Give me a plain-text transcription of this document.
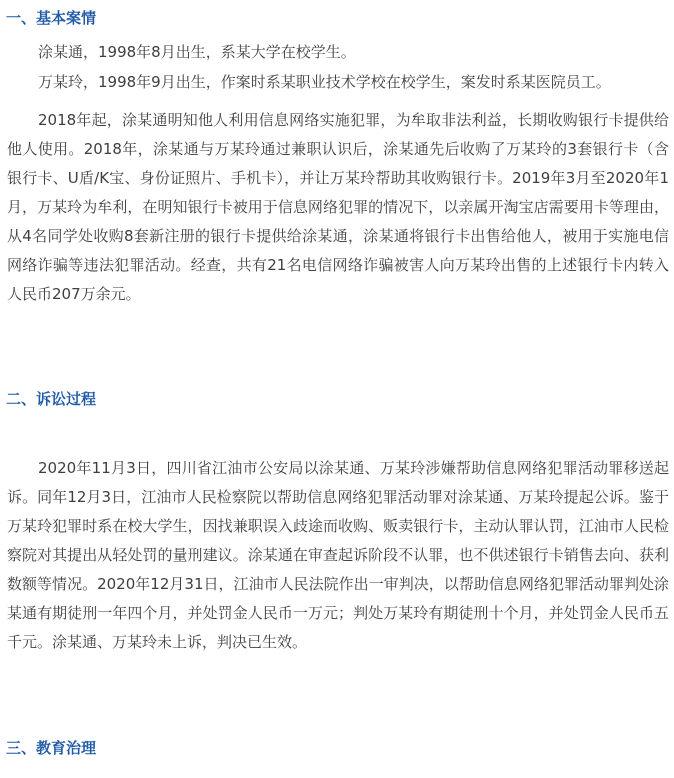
一、基本案情

涂某通，1998年8月出生，系某大学在校学生。

万某玲，1998年9月出生，作案时系某职业技术学校在校学生，案发时系某医院员工。

2018年起，涂某通明知他人利用信息网络实施犯罪，为牟取非法利益，长期收购银行卡提供给他人使用。2018年，涂某通与万某玲通过兼职认识后，涂某通先后收购了万某玲的3套银行卡（含银行卡、U盾/K宝、身份证照片、手机卡），并让万某玲帮助其收购银行卡。2019年3月至2020年1月，万某玲为牟利，在明知银行卡被用于信息网络犯罪的情况下，以亲属开淘宝店需要用卡等理由，从4名同学处收购8套新注册的银行卡提供给涂某通，涂某通将银行卡出售给他人，被用于实施电信网络诈骗等违法犯罪活动。经查，共有21名电信网络诈骗被害人向万某玲出售的上述银行卡内转入人民币207万余元。

二、诉讼过程

2020年11月3日，四川省江油市公安局以涂某通、万某玲涉嫌帮助信息网络犯罪活动罪移送起诉。同年12月3日，江油市人民检察院以帮助信息网络犯罪活动罪对涂某通、万某玲提起公诉。鉴于万某玲犯罪时系在校大学生，因找兼职误入歧途而收购、贩卖银行卡，主动认罪认罚，江油市人民检察院对其提出从轻处罚的量刑建议。涂某通在审查起诉阶段不认罪，也不供述银行卡销售去向、获利数额等情况。2020年12月31日，江油市人民法院作出一审判决，以帮助信息网络犯罪活动罪判处涂某通有期徒刑一年四个月，并处罚金人民币一万元；判处万某玲有期徒刑十个月，并处罚金人民币五千元。涂某通、万某玲未上诉，判决已生效。

三、教育治理
